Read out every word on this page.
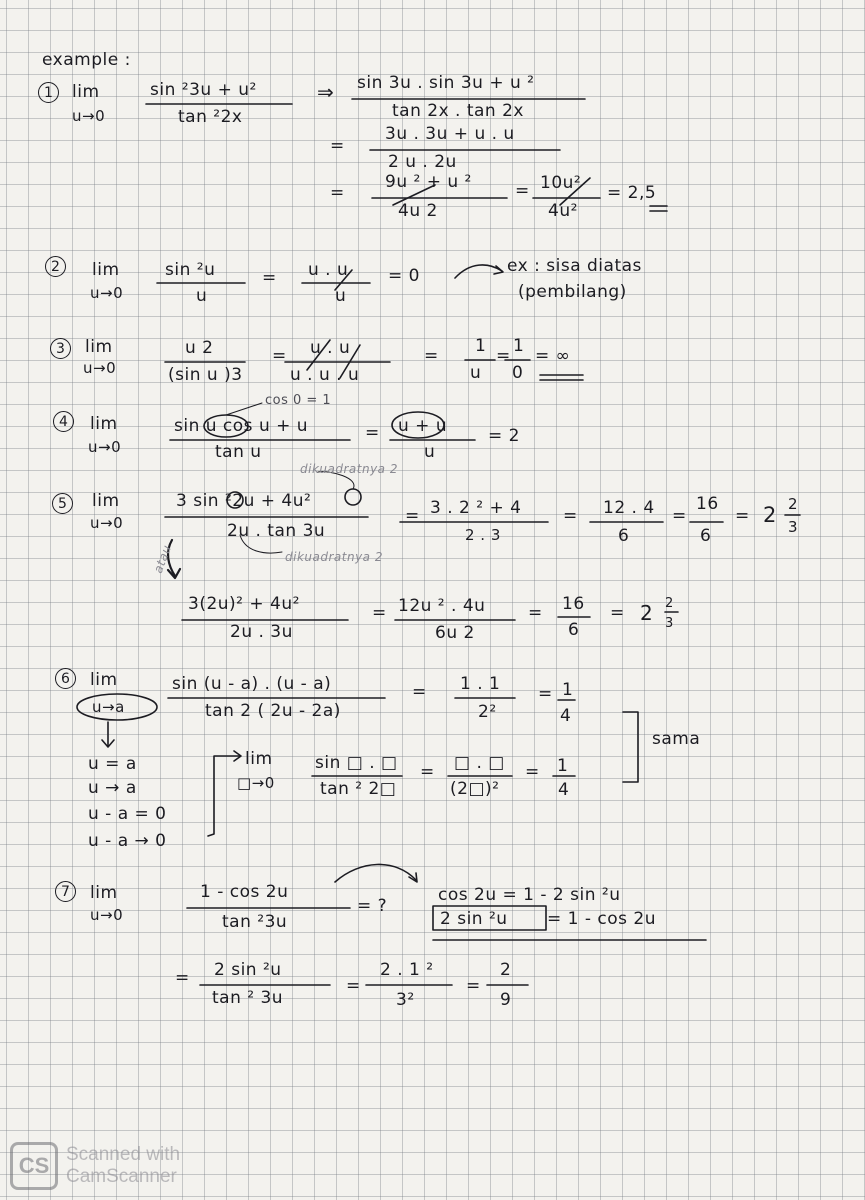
example :
1	lim
u→0
sin ²3u + u²
tan ²2x
⇒ sin 3u . sin 3u + u ²
tan 2x . tan 2x
=
3u . 3u + u . u
2 u . 2u
=
9u ² + u ²
4u 2
= 10u²
4u²
= 2,5
2	lim
u→0
sin ²u
u
= u . u
u
= 0	ex : sisa diatas
(pembilang)
3	lim
u→0
u 2
(sin u )3
= u . u
u . u . u
= 1
u
= 1
0
= ∞
cos 0 = 1
4	lim
u→0
sin u cos u + u
tan u
= u + u
u
= 2
dikuadratnya 2
5	lim
u→0
3 sin ²2u + 4u²
2u . tan 3u
dikuadratnya 2
atau
= 3 . 2 ² + 4
2 . 3
= 12 . 4
6
=
16
6
= 2 2
3
3(2u)² + 4u²
2u . 3u
= 12u ² . 4u
6u 2
= 16
6
= 2 2
3
6	lim
u→a
sin (u - a) . (u - a)
tan 2 ( 2u - 2a)
= 1 . 1
2²
= 1
4
sama
u = a
u → a
u - a = 0
u - a → 0
lim
□→0
sin □ . □
tan ² 2□
= □ . □
(2□)²
= 1
4
7	lim
u→0
1 - cos 2u
tan ²3u
= ?
cos 2u = 1 - 2 sin ²u
2 sin ²u = 1 - cos 2u
= 2 sin ²u
tan ² 3u
=
2 . 1 ²
3²
=
2
9
CS Scanned with
CamScanner
